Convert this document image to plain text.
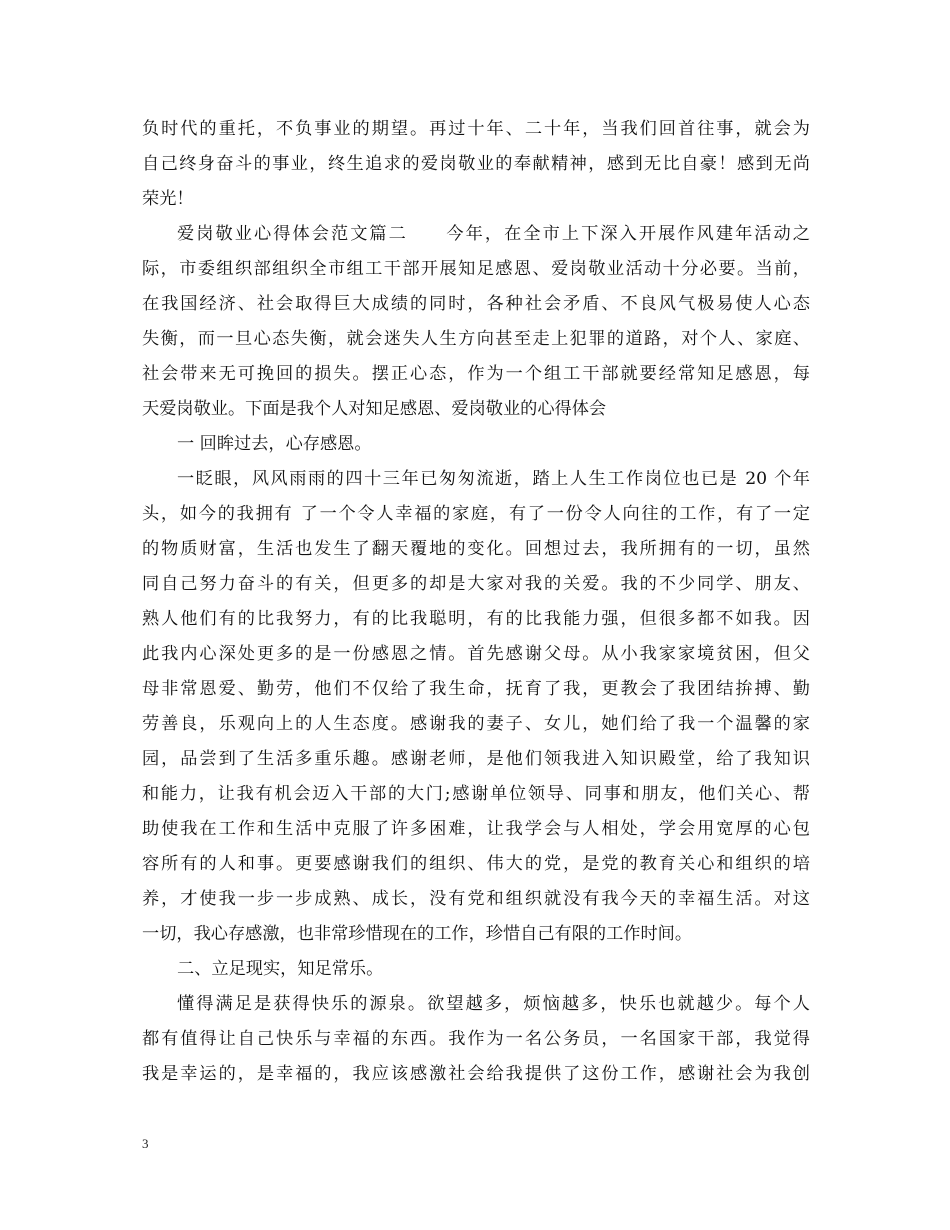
负时代的重托，不负事业的期望。再过十年、二十年，当我们回首往事，就会为
自己终身奋斗的事业，终生追求的爱岗敬业的奉献精神，感到无比自豪！感到无尚
荣光！
爱岗敬业心得体会范文篇二　　今年，在全市上下深入开展作风建年活动之
际，市委组织部组织全市组工干部开展知足感恩、爱岗敬业活动十分必要。当前，
在我国经济、社会取得巨大成绩的同时，各种社会矛盾、不良风气极易使人心态
失衡，而一旦心态失衡，就会迷失人生方向甚至走上犯罪的道路，对个人、家庭、
社会带来无可挽回的损失。摆正心态，作为一个组工干部就要经常知足感恩，每
天爱岗敬业。下面是我个人对知足感恩、爱岗敬业的心得体会
一 回眸过去，心存感恩。
一眨眼，风风雨雨的四十三年已匆匆流逝，踏上人生工作岗位也已是 20 个年
头，如今的我拥有 了一个令人幸福的家庭，有了一份令人向往的工作，有了一定
的物质财富，生活也发生了翻天覆地的变化。回想过去，我所拥有的一切，虽然
同自己努力奋斗的有关，但更多的却是大家对我的关爱。我的不少同学、朋友、
熟人他们有的比我努力，有的比我聪明，有的比我能力强，但很多都不如我。因
此我内心深处更多的是一份感恩之情。首先感谢父母。从小我家家境贫困，但父
母非常恩爱、勤劳，他们不仅给了我生命，抚育了我，更教会了我团结拚搏、勤
劳善良，乐观向上的人生态度。感谢我的妻子、女儿，她们给了我一个温馨的家
园，品尝到了生活多重乐趣。感谢老师，是他们领我进入知识殿堂，给了我知识
和能力，让我有机会迈入干部的大门;感谢单位领导、同事和朋友，他们关心、帮
助使我在工作和生活中克服了许多困难，让我学会与人相处，学会用宽厚的心包
容所有的人和事。更要感谢我们的组织、伟大的党，是党的教育关心和组织的培
养，才使我一步一步成熟、成长，没有党和组织就没有我今天的幸福生活。对这
一切，我心存感激，也非常珍惜现在的工作，珍惜自己有限的工作时间。
二、立足现实，知足常乐。
懂得满足是获得快乐的源泉。欲望越多，烦恼越多，快乐也就越少。每个人
都有值得让自己快乐与幸福的东西。我作为一名公务员，一名国家干部，我觉得
我是幸运的，是幸福的，我应该感激社会给我提供了这份工作，感谢社会为我创
3
